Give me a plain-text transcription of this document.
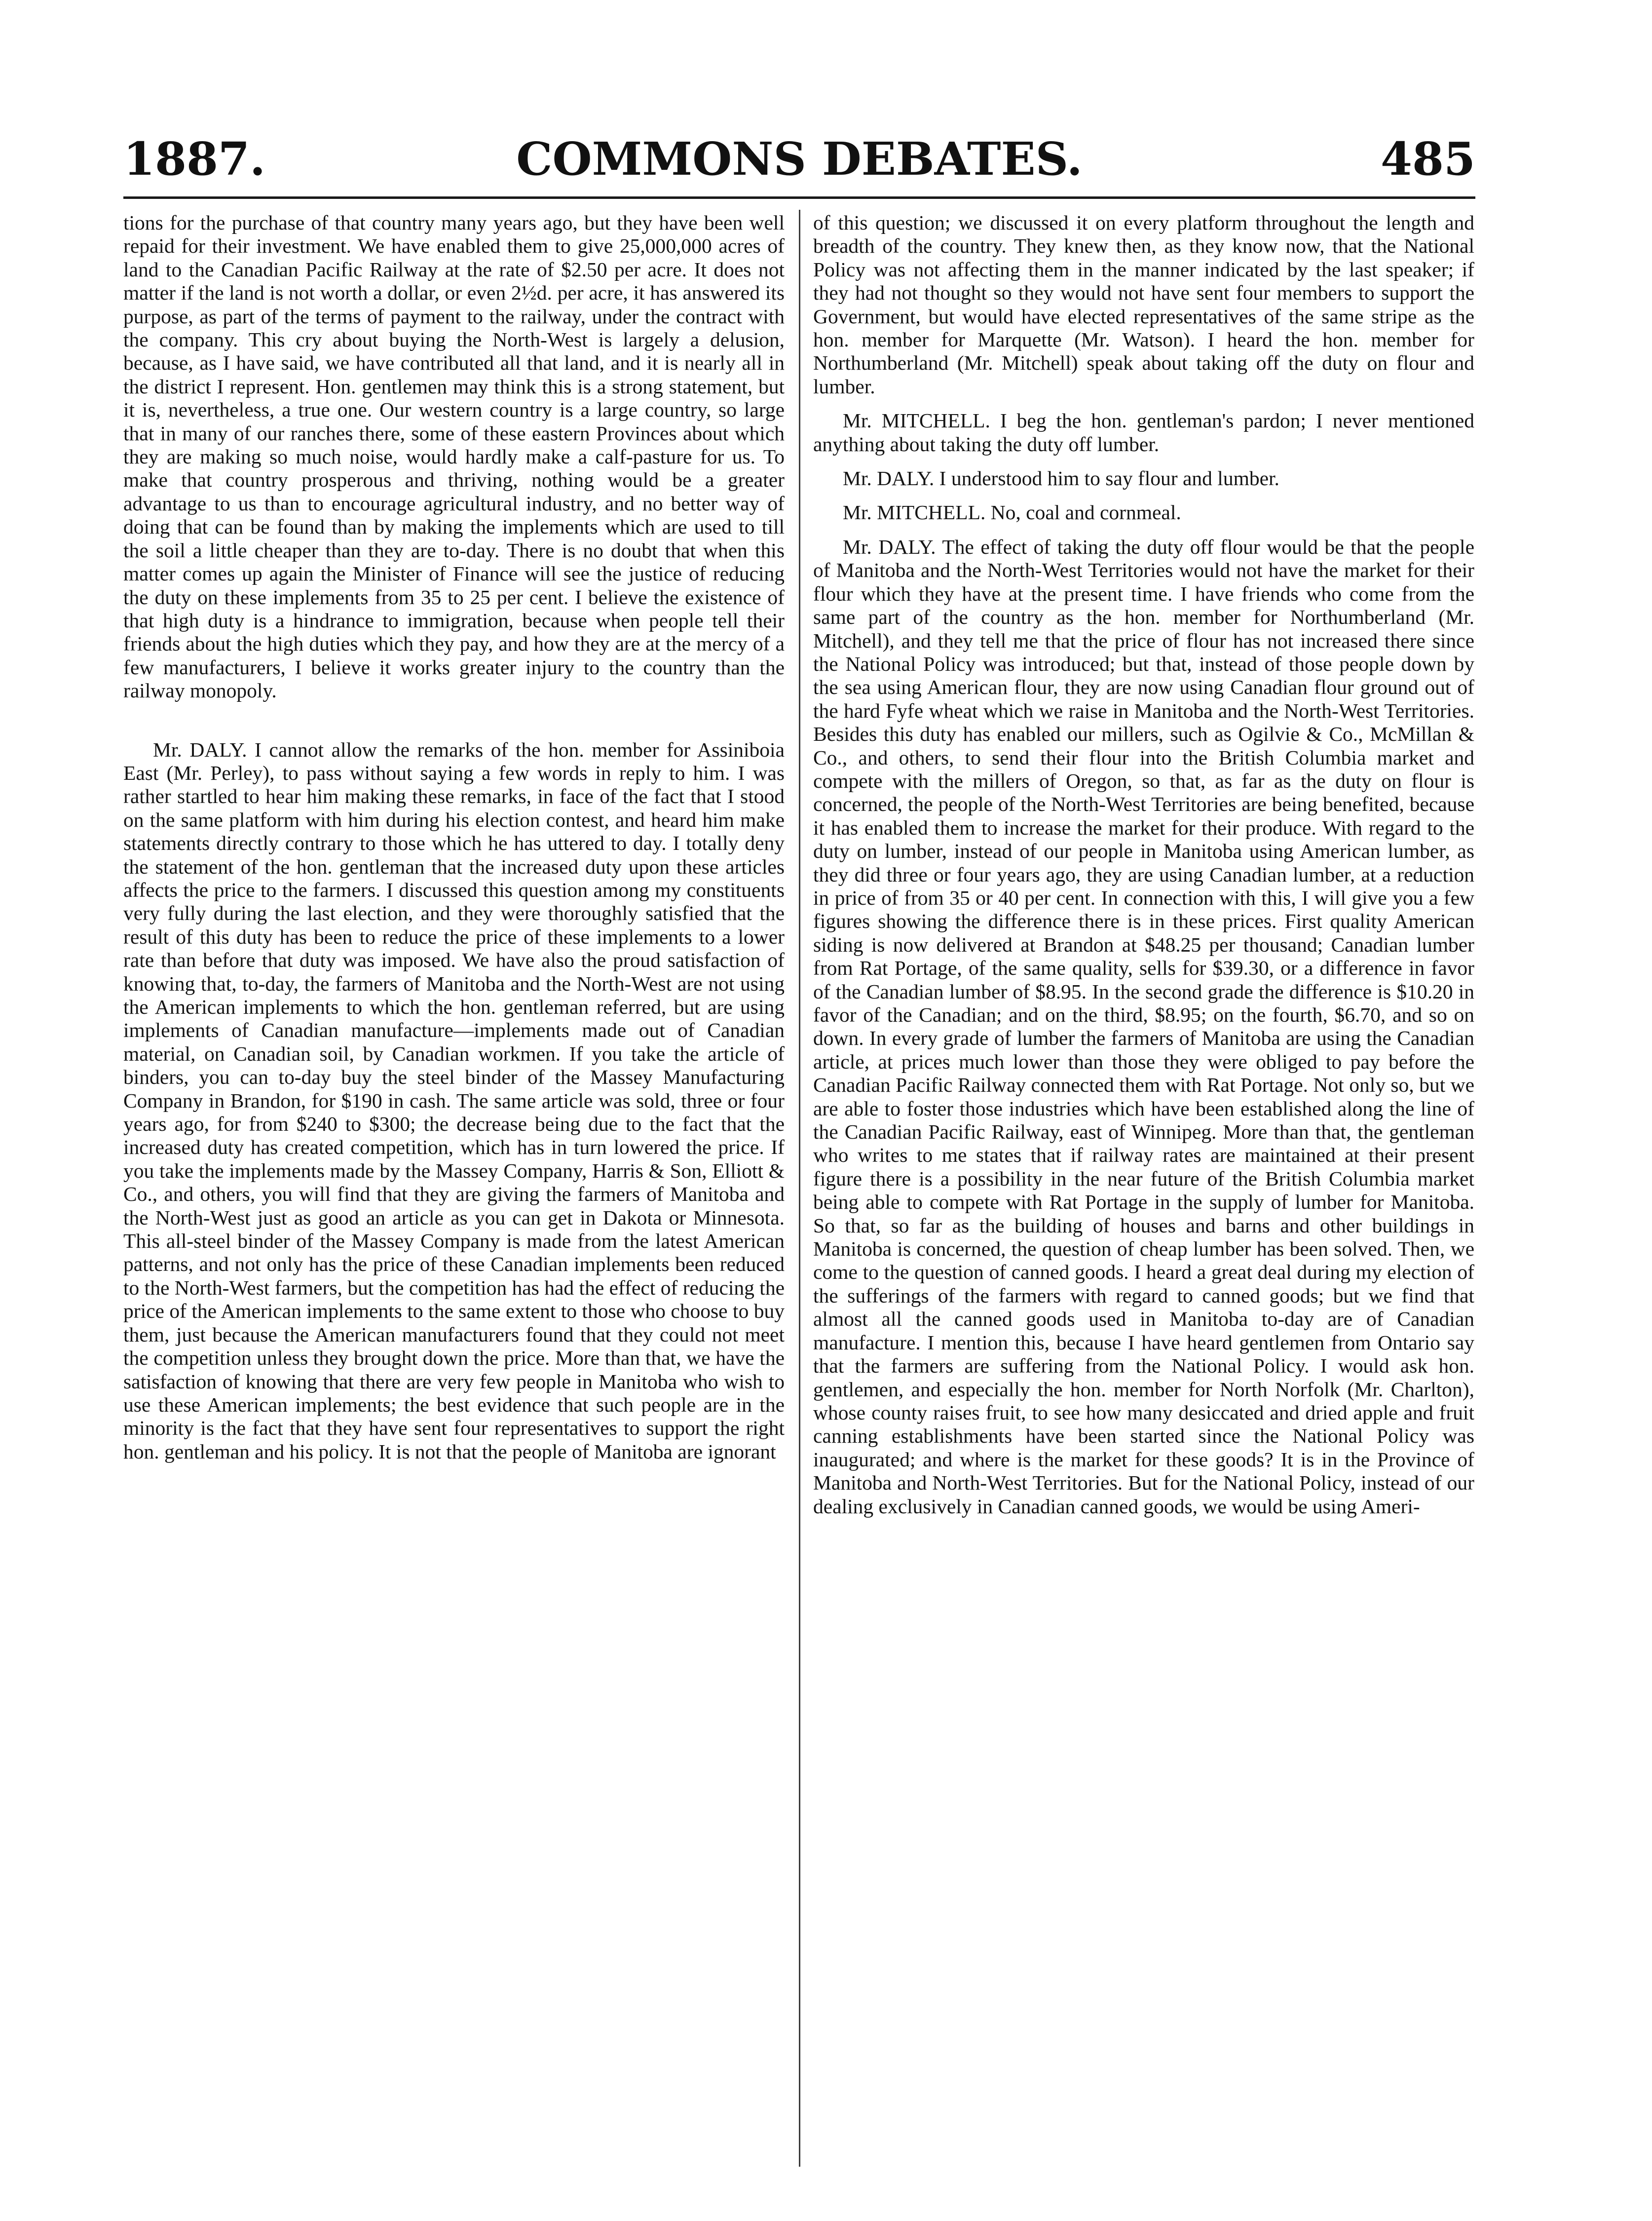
COMMONS DEBATES.
1887.	485

tions for the purchase of that country many years ago, but they have been well repaid for their investment. We have enabled them to give 25,000,000 acres of land to the Canadian Pacific Railway at the rate of $2.50 per acre. It does not matter if the land is not worth a dollar, or even 2½d. per acre, it has answered its purpose, as part of the terms of payment to the railway, under the contract with the company. This cry about buying the North-West is largely a delusion, because, as I have said, we have contributed all that land, and it is nearly all in the district I represent. Hon. gentlemen may think this is a strong statement, but it is, nevertheless, a true one. Our western country is a large country, so large that in many of our ranches there, some of these eastern Provinces about which they are making so much noise, would hardly make a calf-pasture for us. To make that country prosperous and thriving, nothing would be a greater advantage to us than to encourage agricultural industry, and no better way of doing that can be found than by making the implements which are used to till the soil a little cheaper than they are to-day. There is no doubt that when this matter comes up again the Minister of Finance will see the justice of reducing the duty on these implements from 35 to 25 per cent. I believe the existence of that high duty is a hindrance to immigration, because when people tell their friends about the high duties which they pay, and how they are at the mercy of a few manufacturers, I believe it works greater injury to the country than the railway monopoly.

Mr. DALY. I cannot allow the remarks of the hon. member for Assiniboia East (Mr. Perley), to pass without saying a few words in reply to him. I was rather startled to hear him making these remarks, in face of the fact that I stood on the same platform with him during his election contest, and heard him make statements directly contrary to those which he has uttered to day. I totally deny the statement of the hon. gentleman that the increased duty upon these articles affects the price to the farmers. I discussed this question among my constituents very fully during the last election, and they were thoroughly satisfied that the result of this duty has been to reduce the price of these implements to a lower rate than before that duty was imposed. We have also the proud satisfaction of knowing that, to-day, the farmers of Manitoba and the North-West are not using the American implements to which the hon. gentleman referred, but are using implements of Canadian manufacture—implements made out of Canadian material, on Canadian soil, by Canadian workmen. If you take the article of binders, you can to-day buy the steel binder of the Massey Manufacturing Company in Brandon, for $190 in cash. The same article was sold, three or four years ago, for from $240 to $300; the decrease being due to the fact that the increased duty has created competition, which has in turn lowered the price. If you take the implements made by the Massey Company, Harris & Son, Elliott & Co., and others, you will find that they are giving the farmers of Manitoba and the North-West just as good an article as you can get in Dakota or Minnesota. This all-steel binder of the Massey Company is made from the latest American patterns, and not only has the price of these Canadian implements been reduced to the North-West farmers, but the competition has had the effect of reducing the price of the American implements to the same extent to those who choose to buy them, just because the American manufacturers found that they could not meet the competition unless they brought down the price. More than that, we have the satisfaction of knowing that there are very few people in Manitoba who wish to use these American implements; the best evidence that such people are in the minority is the fact that they have sent four representatives to support the right hon. gentleman and his policy. It is not that the people of Manitoba are ignorant

of this question; we discussed it on every platform throughout the length and breadth of the country. They knew then, as they know now, that the National Policy was not affecting them in the manner indicated by the last speaker; if they had not thought so they would not have sent four members to support the Government, but would have elected representatives of the same stripe as the hon. member for Marquette (Mr. Watson). I heard the hon. member for Northumberland (Mr. Mitchell) speak about taking off the duty on flour and lumber.

Mr. MITCHELL. I beg the hon. gentleman's pardon; I never mentioned anything about taking the duty off lumber.

Mr. DALY. I understood him to say flour and lumber.

Mr. MITCHELL. No, coal and cornmeal.

Mr. DALY. The effect of taking the duty off flour would be that the people of Manitoba and the North-West Territories would not have the market for their flour which they have at the present time. I have friends who come from the same part of the country as the hon. member for Northumberland (Mr. Mitchell), and they tell me that the price of flour has not increased there since the National Policy was introduced; but that, instead of those people down by the sea using American flour, they are now using Canadian flour ground out of the hard Fyfe wheat which we raise in Manitoba and the North-West Territories. Besides this duty has enabled our millers, such as Ogilvie & Co., McMillan & Co., and others, to send their flour into the British Columbia market and compete with the millers of Oregon, so that, as far as the duty on flour is concerned, the people of the North-West Territories are being benefited, because it has enabled them to increase the market for their produce. With regard to the duty on lumber, instead of our people in Manitoba using American lumber, as they did three or four years ago, they are using Canadian lumber, at a reduction in price of from 35 or 40 per cent. In connection with this, I will give you a few figures showing the difference there is in these prices. First quality American siding is now delivered at Brandon at $48.25 per thousand; Canadian lumber from Rat Portage, of the same quality, sells for $39.30, or a difference in favor of the Canadian lumber of $8.95. In the second grade the difference is $10.20 in favor of the Canadian; and on the third, $8.95; on the fourth, $6.70, and so on down. In every grade of lumber the farmers of Manitoba are using the Canadian article, at prices much lower than those they were obliged to pay before the Canadian Pacific Railway connected them with Rat Portage. Not only so, but we are able to foster those industries which have been established along the line of the Canadian Pacific Railway, east of Winnipeg. More than that, the gentleman who writes to me states that if railway rates are maintained at their present figure there is a possibility in the near future of the British Columbia market being able to compete with Rat Portage in the supply of lumber for Manitoba. So that, so far as the building of houses and barns and other buildings in Manitoba is concerned, the question of cheap lumber has been solved. Then, we come to the question of canned goods. I heard a great deal during my election of the sufferings of the farmers with regard to canned goods; but we find that almost all the canned goods used in Manitoba to-day are of Canadian manufacture. I mention this, because I have heard gentlemen from Ontario say that the farmers are suffering from the National Policy. I would ask hon. gentlemen, and especially the hon. member for North Norfolk (Mr. Charlton), whose county raises fruit, to see how many desiccated and dried apple and fruit canning establishments have been started since the National Policy was inaugurated; and where is the market for these goods? It is in the Province of Manitoba and North-West Territories. But for the National Policy, instead of our dealing exclusively in Canadian canned goods, we would be using Ameri-
